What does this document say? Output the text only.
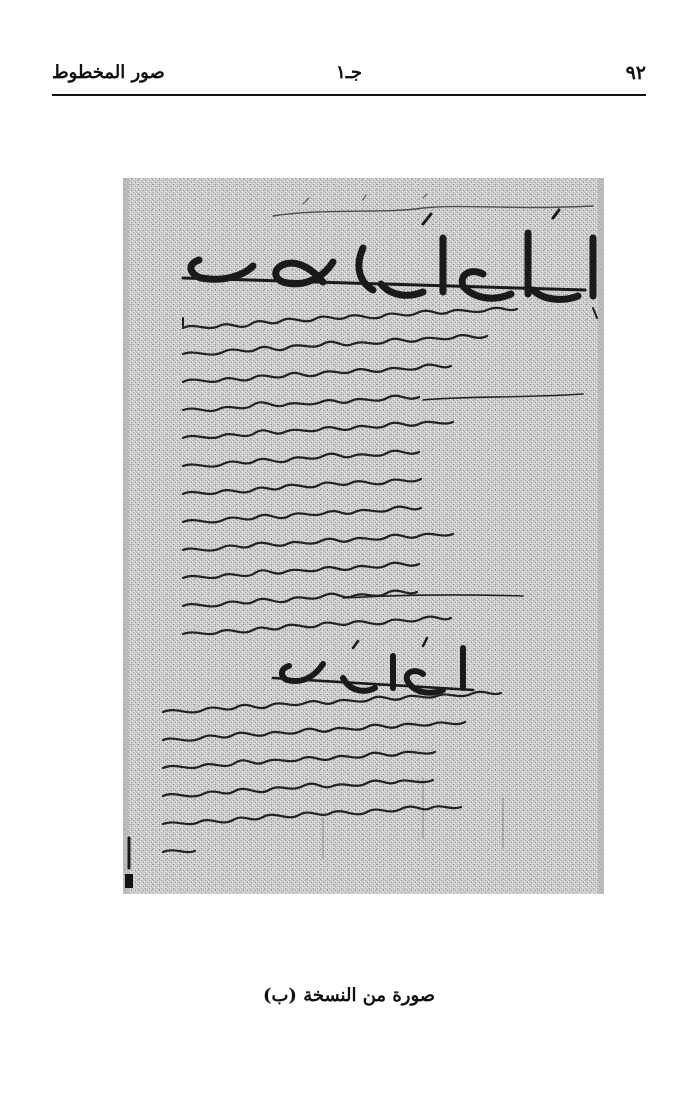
٩٢
جـ١
صور المخطوط
صورة من النسخة (ب)
